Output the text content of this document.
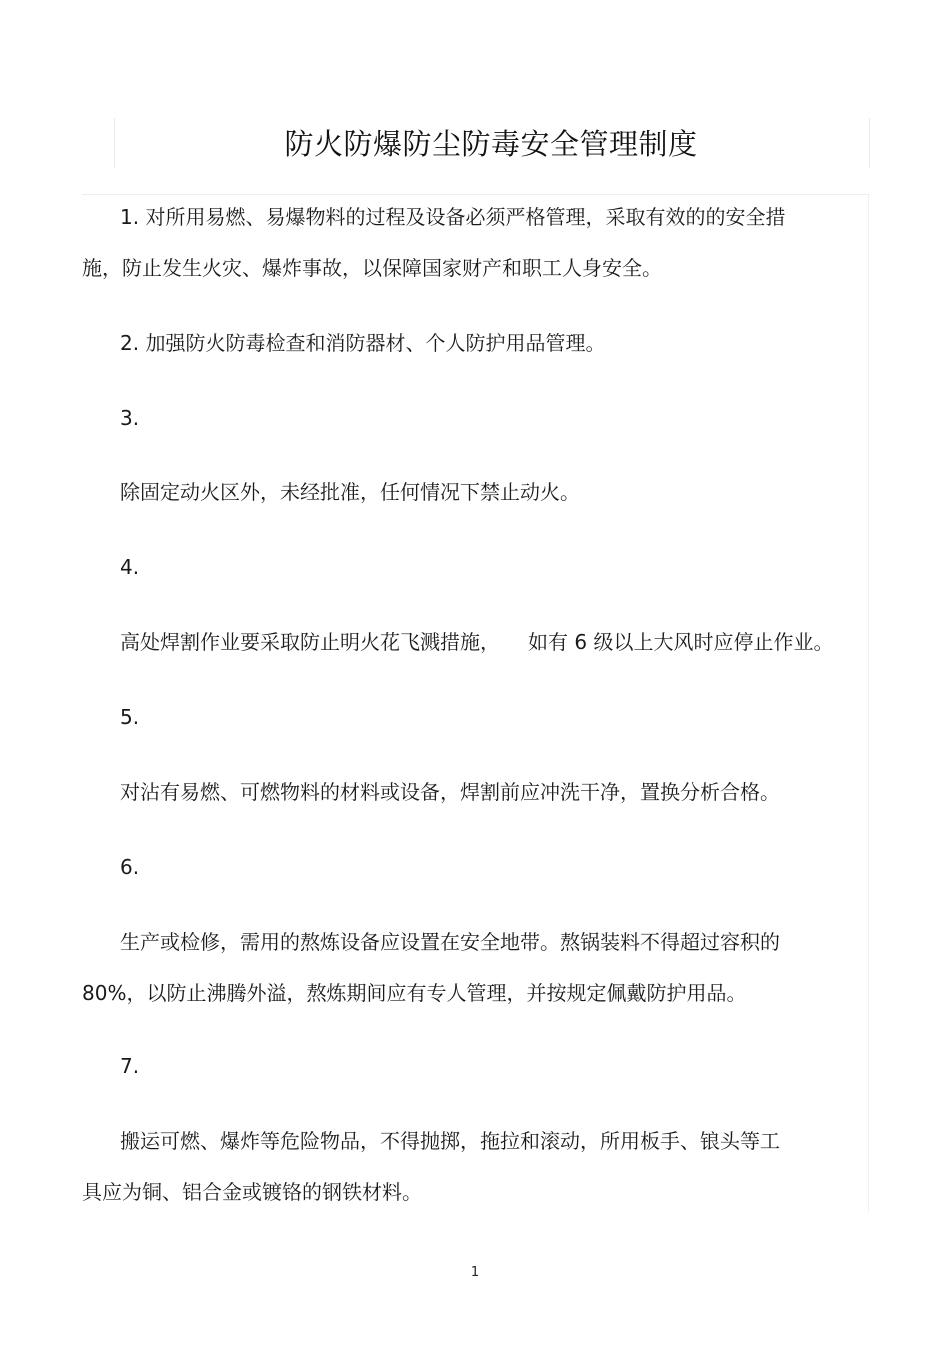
防火防爆防尘防毒安全管理制度
1. 对所用易燃、易爆物料的过程及设备必须严格管理，采取有效的的安全措
施，防止发生火灾、爆炸事故，以保障国家财产和职工人身安全。
2. 加强防火防毒检查和消防器材、个人防护用品管理。
3.
除固定动火区外，未经批准，任何情况下禁止动火。
4.
高处焊割作业要采取防止明火花飞溅措施， 如有 6 级以上大风时应停止作业。
5.
对沾有易燃、可燃物料的材料或设备，焊割前应冲洗干净，置换分析合格。
6.
生产或检修，需用的熬炼设备应设置在安全地带。熬锅装料不得超过容积的
80%，以防止沸腾外溢，熬炼期间应有专人管理，并按规定佩戴防护用品。
7.
搬运可燃、爆炸等危险物品，不得抛掷，拖拉和滚动，所用板手、锒头等工
具应为铜、铝合金或镀铬的钢铁材料。
1
